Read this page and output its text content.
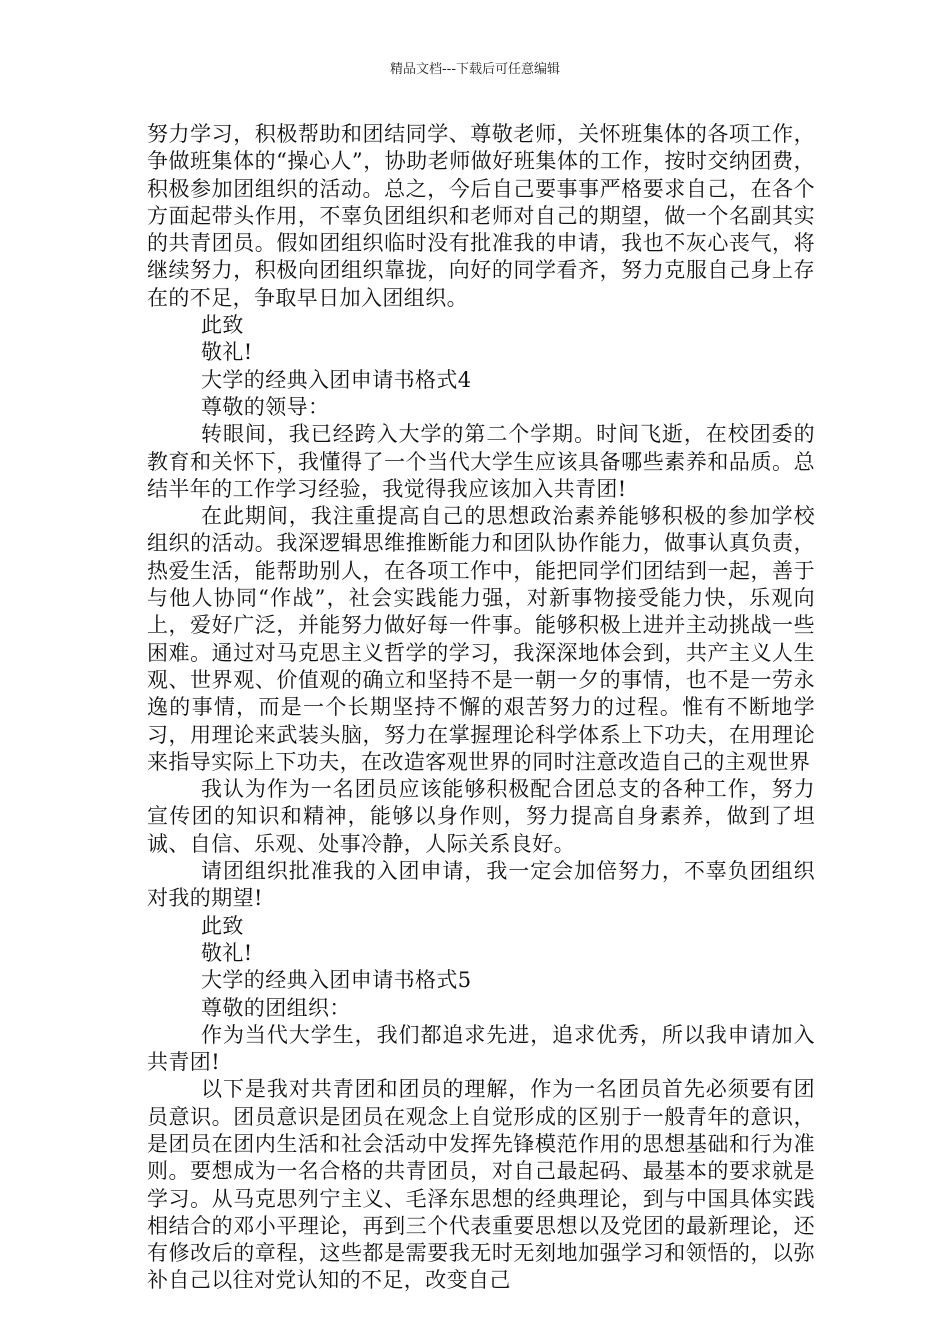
精品文档---下载后可任意编辑

努力学习，积极帮助和团结同学、尊敬老师，关怀班集体的各项工作，争做班集体的“操心人”，协助老师做好班集体的工作，按时交纳团费，积极参加团组织的活动。总之，今后自己要事事严格要求自己，在各个方面起带头作用，不辜负团组织和老师对自己的期望，做一个名副其实的共青团员。假如团组织临时没有批准我的申请，我也不灰心丧气，将继续努力，积极向团组织靠拢，向好的同学看齐，努力克服自己身上存在的不足，争取早日加入团组织。

此致

敬礼!

大学的经典入团申请书格式4

尊敬的领导：

转眼间，我已经跨入大学的第二个学期。时间飞逝，在校团委的教育和关怀下，我懂得了一个当代大学生应该具备哪些素养和品质。总结半年的工作学习经验，我觉得我应该加入共青团!

在此期间，我注重提高自己的思想政治素养能够积极的参加学校组织的活动。我深逻辑思维推断能力和团队协作能力，做事认真负责，热爱生活，能帮助别人，在各项工作中，能把同学们团结到一起，善于与他人协同“作战”，社会实践能力强，对新事物接受能力快，乐观向上，爱好广泛，并能努力做好每一件事。能够积极上进并主动挑战一些困难。通过对马克思主义哲学的学习，我深深地体会到，共产主义人生观、世界观、价值观的确立和坚持不是一朝一夕的事情，也不是一劳永逸的事情，而是一个长期坚持不懈的艰苦努力的过程。惟有不断地学习，用理论来武装头脑，努力在掌握理论科学体系上下功夫，在用理论来指导实际上下功夫，在改造客观世界的同时注意改造自己的主观世界

我认为作为一名团员应该能够积极配合团总支的各种工作，努力宣传团的知识和精神，能够以身作则，努力提高自身素养，做到了坦诚、自信、乐观、处事冷静，人际关系良好。

请团组织批准我的入团申请，我一定会加倍努力，不辜负团组织对我的期望!

此致

敬礼!

大学的经典入团申请书格式5

尊敬的团组织：

作为当代大学生，我们都追求先进，追求优秀，所以我申请加入共青团!

以下是我对共青团和团员的理解，作为一名团员首先必须要有团员意识。团员意识是团员在观念上自觉形成的区别于一般青年的意识，是团员在团内生活和社会活动中发挥先锋模范作用的思想基础和行为准则。要想成为一名合格的共青团员，对自己最起码、最基本的要求就是学习。从马克思列宁主义、毛泽东思想的经典理论，到与中国具体实践相结合的邓小平理论，再到三个代表重要思想以及党团的最新理论，还有修改后的章程，这些都是需要我无时无刻地加强学习和领悟的，以弥补自己以往对党认知的不足，改变自己
